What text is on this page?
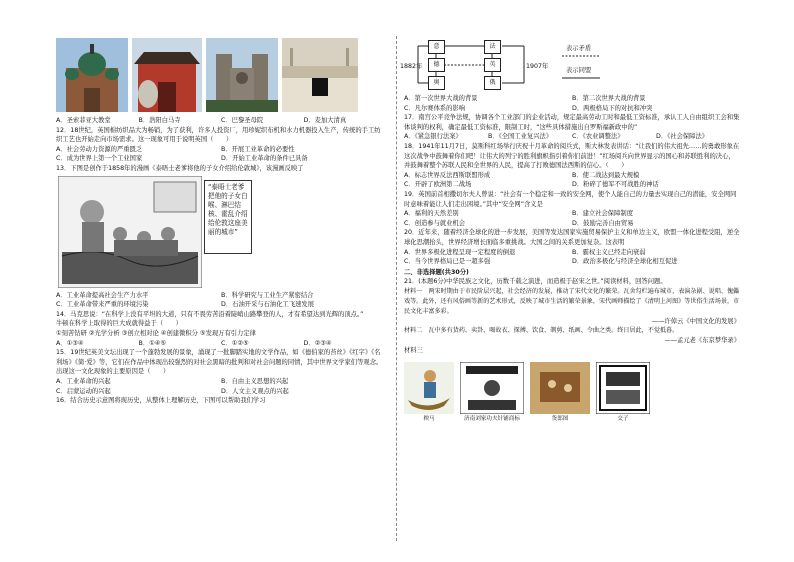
A．圣索菲亚大教堂	B．浩阳白马寺	C．巴黎圣母院	D．麦加大清真
12．18世纪，英国棉纺织品大为畅销，为了获利，许多人投资厂，用珍妮织布机和水力机器投入生产，传统的手工纺织工艺也开始走向市场需求。这一现象可用于说明英国（　　）
A．社会劳动力资源的严重匮乏	B．开展工业革命的必要性
C．成为世界上第一个工业国家	D．开始工业革命的条件已具备
13．下图是创作于1858年的漫画《泰晤士老爹将他的子女介绍给伦敦城》，该漫画反映了
“泰晤士老爹把他的子女白喉、淋巴结核、霍乱介绍给伦敦这座美丽的城市”
A．工业革命提高社会生产力水平	B．科学研究与工业生产紧密结合
C．工业革命带来严重的环境污染	D．石油开采与石油化工飞速发展
14．马克思说：“在科学上没有平坦的大道，只有不畏劳苦沿着陡峭山路攀登的人，才有希望达到光辉的顶点。”
牛顿在科学上取得的巨大成就得益于（　　）
①刻苦钻研 ②光学分析 ③创立相对论 ④创建微积分 ⑤发现万有引力定律
A．①③④	B．①④⑤	C．①②⑤	D．②③④
15．19世纪英美文坛出现了一个蓬勃发展的景象，涌现了一批脚踏实地的文学作品，如《德伯家的苔丝》《红字》《名利场》《简·爱》等，它们在作品中体现出较强烈的对社会黑暗的批判和对社会问题的同情，其中世界文学家们等观念。出现这一文化现象的主要原因是（　　）
A．工业革命的兴起	B．自由主义思想的兴起
C．启蒙运动的兴起	D．人文主义观点的兴起
16．结合历史示意图将现历史，从整体上理解历史，下图可以帮助我们学习
1882年	1907年
意
德
奥
法
英
俄
表示矛盾
表示同盟
A．第一次世界大战的背景	B．第二次世界大战的背景
C．凡尔赛体系的影响	D．两极格局下的对抗和冲突
17．南宫公平竞争法规，协调各个工业部门的企业活动，规定最高劳动工时和最低工资标准，承认工人自由组织工会和集体谈判的权利，确定最低工资标准，限制工时，“这些具体措施出自罗斯福新政中的”
A．《紧急银行法案》	B．《全国工业复兴法》	C．《农业调整法》	D．《社会保障法》
18．1941年11月7日，莫斯科红场举行庆祝十月革命的阅兵式，斯大林发表讲话：“让我们的伟大祖先……的勇敢形象在这次战争中鼓舞着你们吧！让伟大的列宁的胜利旗帜指引着你们前进！”红场阅兵向世界显示的国心和苏联胜利的决心，并鼓舞着整个苏联人民和全世界的人民，提高了打败德国法西斯的信心。（　　）
A．标志世界反法西斯联盟形成	B．使二战达到最大规模
C．开辟了欧洲第二战场	D．粉碎了德军不可战胜的神话
19．英国前首相撒切尔夫人曾说：“社会有一个稳定和一致的安全网，使个人能自己的力量去实现自己的潜能，安全网同时意味着能让人们走出困境。”其中“安全网”含义是
A．福利的天然差别	B．建立社会保障制度
C．创造参与就业机会	D．鼓励完善自由贸易
20．近年来，随着经济全球化的进一步发展，美国等发达国家实施贸易保护主义和单边主义，欧盟一体化进程受阻，逆全球化思潮抬头，世界经济增长面临多重挑战。大国之间的关系更加复杂。这表明
A．世界多极化进程呈现一定程度的倒退	B．霸权主义已经走向衰弱
C．当今世界格局已是一超多强	D．政治多极化与经济全球化相互促进
二、非选择题(共30分)
21．(本题6分)中华民族之文化，历数千载之演进，而造极于赵宋之世。”阅读材料，回答问题。
材料一　两宋时期由于市民阶层兴起，社会经济的发展，推动了宋代文化的繁荣。瓦舍勾栏遍布城市，表演杂剧、说唱、傀儡戏等。此外，还有风俗画等新的艺术形式，反映了城市生活的繁荣景象，宋代画师描绘了《清明上河图》等世俗生活场景，市民文化丰富多彩。
——许倬云《中国文化的发展》
材料二　瓦中多有货药、卖卦、喝故衣、探搏、饮食、剃剪、纸画、令曲之类。终日居此，不觉抵暮。
——孟元老《东京梦华录》
材料三
秧马	济南刘家功夫针铺商标	货郎图	交子
